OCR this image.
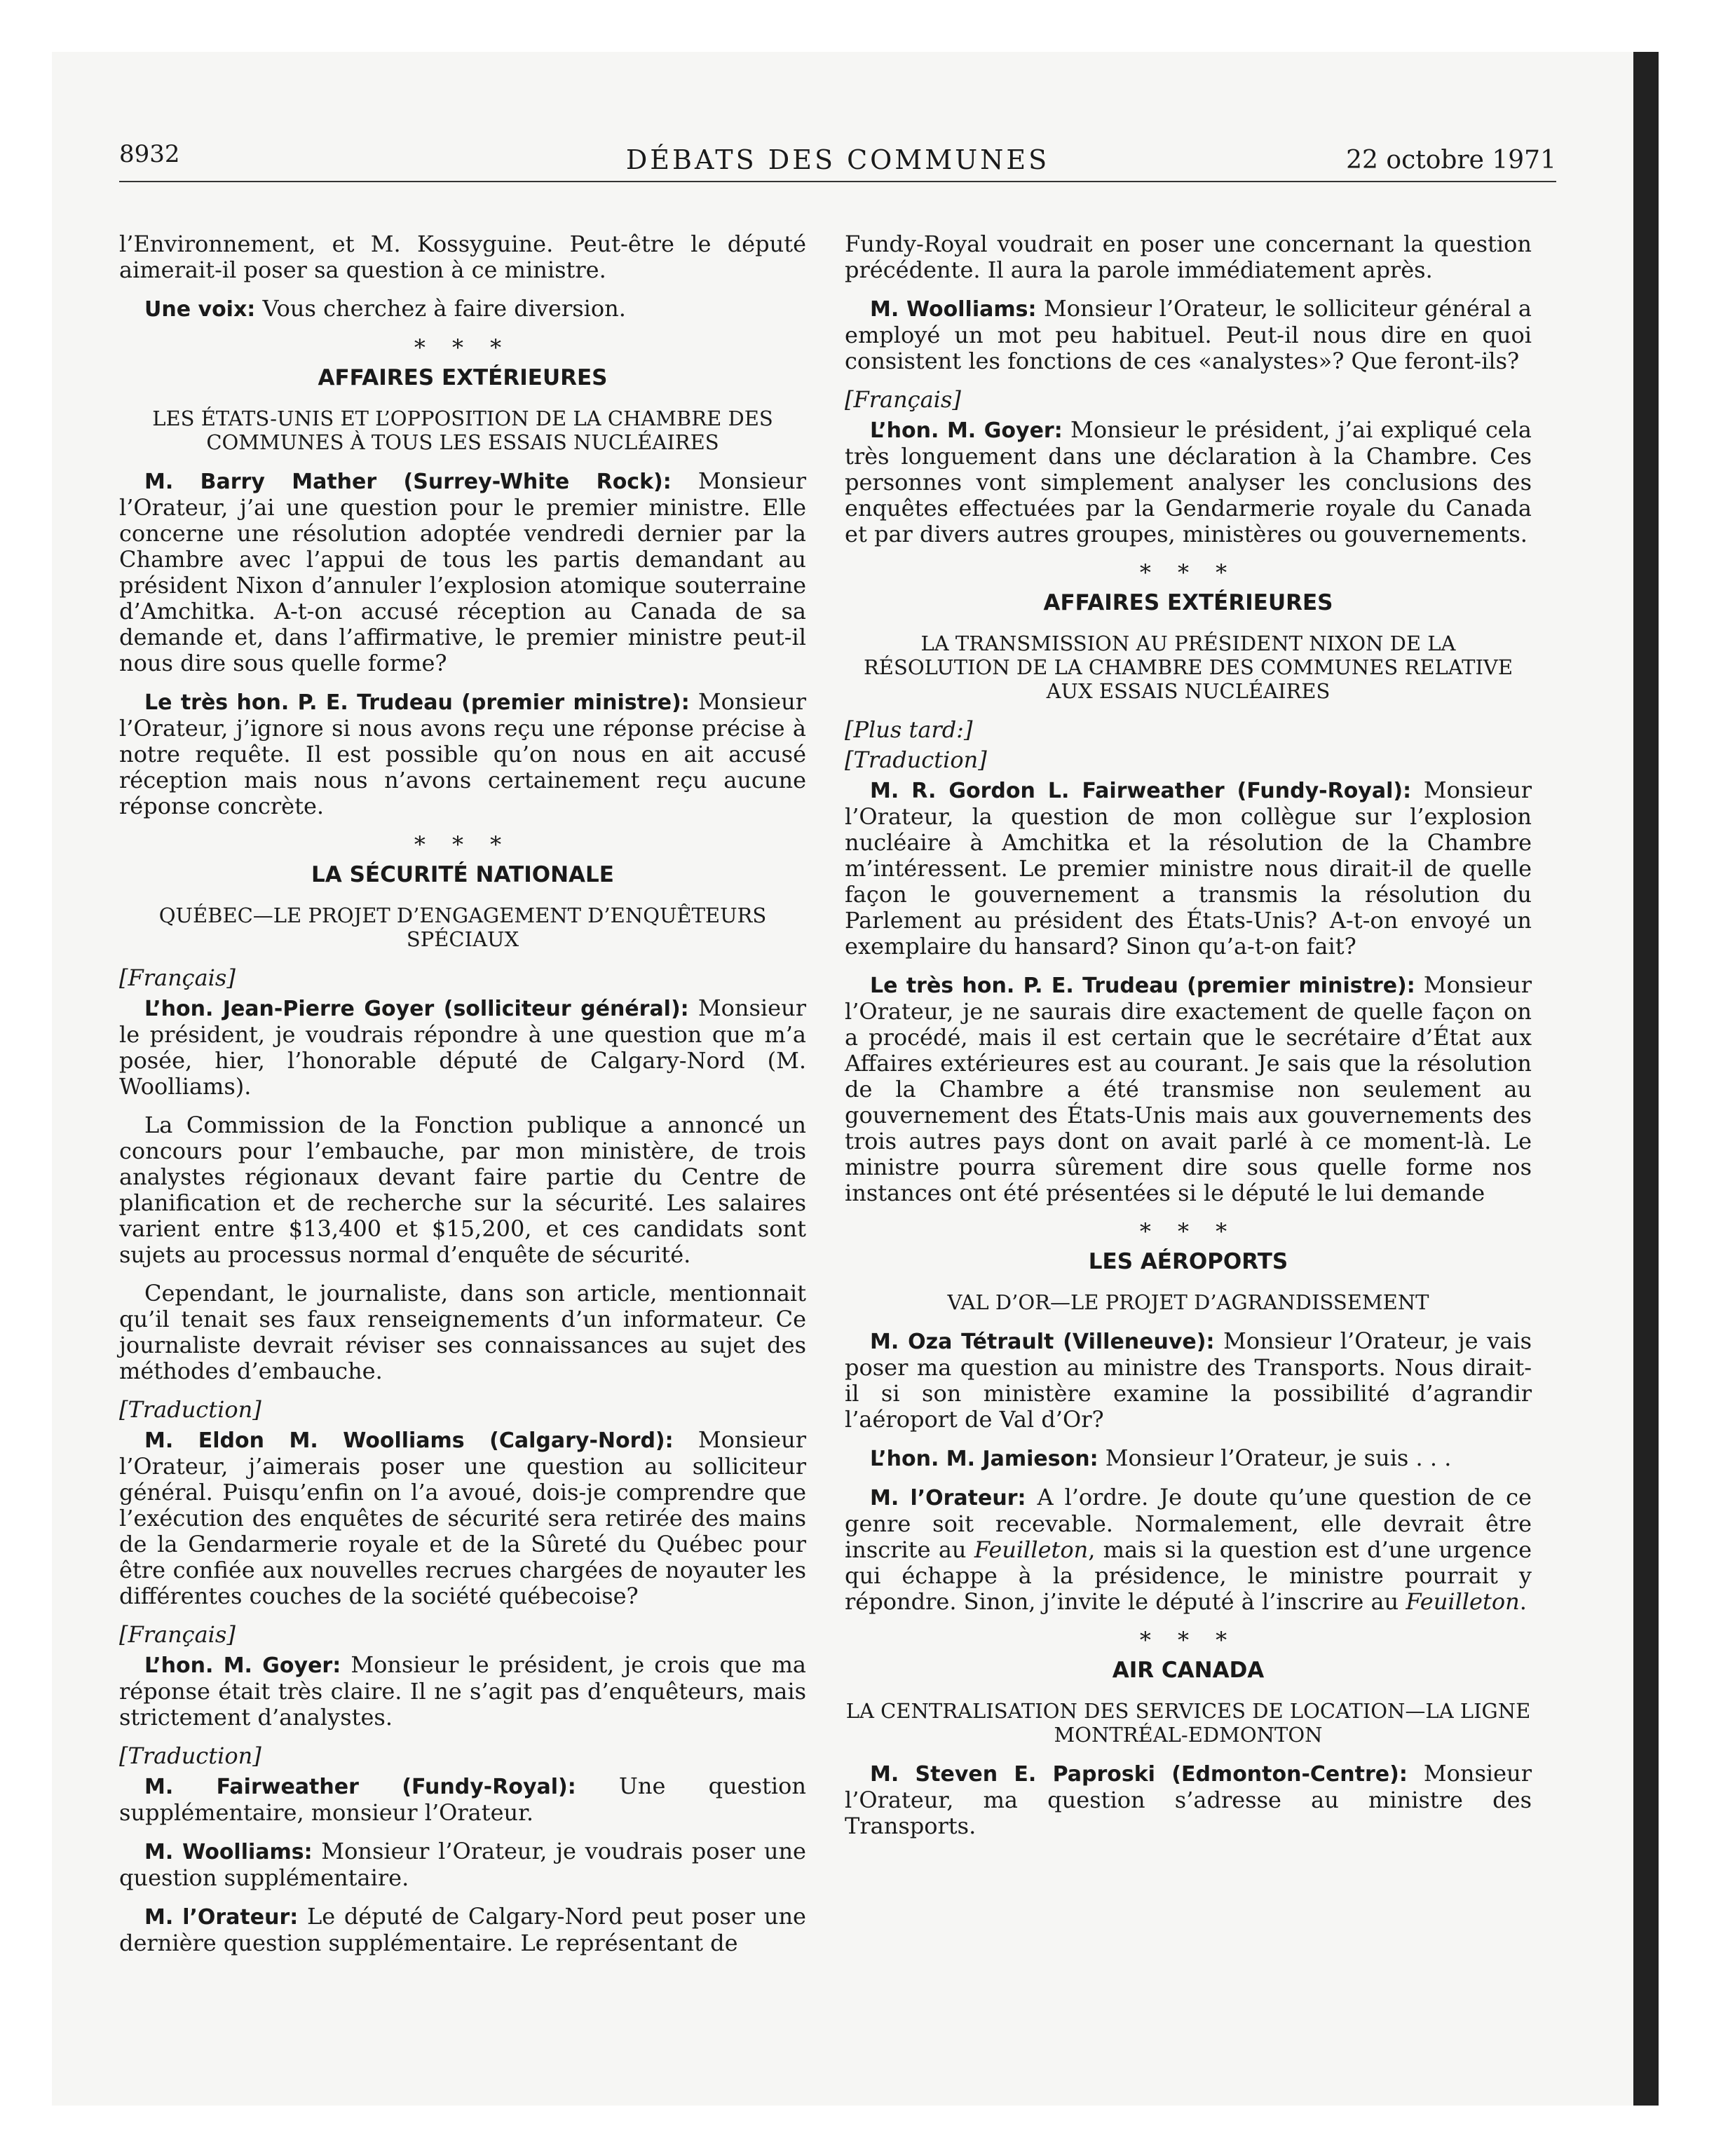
8932	DÉBATS DES COMMUNES	22 octobre 1971

l’Environnement, et M. Kossyguine. Peut-être le député aimerait-il poser sa question à ce ministre.

Une voix: Vous cherchez à faire diversion.

* * *
AFFAIRES EXTÉRIEURES
LES ÉTATS-UNIS ET L’OPPOSITION DE LA CHAMBRE DES COMMUNES À TOUS LES ESSAIS NUCLÉAIRES

M. Barry Mather (Surrey-White Rock): Monsieur l’Orateur, j’ai une question pour le premier ministre. Elle concerne une résolution adoptée vendredi dernier par la Chambre avec l’appui de tous les partis demandant au président Nixon d’annuler l’explosion atomique souterraine d’Amchitka. A-t-on accusé réception au Canada de sa demande et, dans l’affirmative, le premier ministre peut-il nous dire sous quelle forme?

Le très hon. P. E. Trudeau (premier ministre): Monsieur l’Orateur, j’ignore si nous avons reçu une réponse précise à notre requête. Il est possible qu’on nous en ait accusé réception mais nous n’avons certainement reçu aucune réponse concrète.

* * *
LA SÉCURITÉ NATIONALE
QUÉBEC—LE PROJET D’ENGAGEMENT D’ENQUÊTEURS SPÉCIAUX
[Français]

L’hon. Jean-Pierre Goyer (solliciteur général): Monsieur le président, je voudrais répondre à une question que m’a posée, hier, l’honorable député de Calgary-Nord (M. Woolliams).

La Commission de la Fonction publique a annoncé un concours pour l’embauche, par mon ministère, de trois analystes régionaux devant faire partie du Centre de planification et de recherche sur la sécurité. Les salaires varient entre $13,400 et $15,200, et ces candidats sont sujets au processus normal d’enquête de sécurité.

Cependant, le journaliste, dans son article, mentionnait qu’il tenait ses faux renseignements d’un informateur. Ce journaliste devrait réviser ses connaissances au sujet des méthodes d’embauche.

[Traduction]

M. Eldon M. Woolliams (Calgary-Nord): Monsieur l’Orateur, j’aimerais poser une question au solliciteur général. Puisqu’enfin on l’a avoué, dois-je comprendre que l’exécution des enquêtes de sécurité sera retirée des mains de la Gendarmerie royale et de la Sûreté du Québec pour être confiée aux nouvelles recrues chargées de noyauter les différentes couches de la société québecoise?

[Français]

L’hon. M. Goyer: Monsieur le président, je crois que ma réponse était très claire. Il ne s’agit pas d’enquêteurs, mais strictement d’analystes.

[Traduction]

M. Fairweather (Fundy-Royal): Une question supplémentaire, monsieur l’Orateur.

M. Woolliams: Monsieur l’Orateur, je voudrais poser une question supplémentaire.

M. l’Orateur: Le député de Calgary-Nord peut poser une dernière question supplémentaire. Le représentant de

Fundy-Royal voudrait en poser une concernant la question précédente. Il aura la parole immédiatement après.

M. Woolliams: Monsieur l’Orateur, le solliciteur général a employé un mot peu habituel. Peut-il nous dire en quoi consistent les fonctions de ces «analystes»? Que feront-ils?

[Français]

L’hon. M. Goyer: Monsieur le président, j’ai expliqué cela très longuement dans une déclaration à la Chambre. Ces personnes vont simplement analyser les conclusions des enquêtes effectuées par la Gendarmerie royale du Canada et par divers autres groupes, ministères ou gouvernements.

* * *
AFFAIRES EXTÉRIEURES
LA TRANSMISSION AU PRÉSIDENT NIXON DE LA RÉSOLUTION DE LA CHAMBRE DES COMMUNES RELATIVE AUX ESSAIS NUCLÉAIRES
[Plus tard:]
[Traduction]

M. R. Gordon L. Fairweather (Fundy-Royal): Monsieur l’Orateur, la question de mon collègue sur l’explosion nucléaire à Amchitka et la résolution de la Chambre m’intéressent. Le premier ministre nous dirait-il de quelle façon le gouvernement a transmis la résolution du Parlement au président des États-Unis? A-t-on envoyé un exemplaire du hansard? Sinon qu’a-t-on fait?

Le très hon. P. E. Trudeau (premier ministre): Monsieur l’Orateur, je ne saurais dire exactement de quelle façon on a procédé, mais il est certain que le secrétaire d’État aux Affaires extérieures est au courant. Je sais que la résolution de la Chambre a été transmise non seulement au gouvernement des États-Unis mais aux gouvernements des trois autres pays dont on avait parlé à ce moment-là. Le ministre pourra sûrement dire sous quelle forme nos instances ont été présentées si le député le lui demande

* * *
LES AÉROPORTS
VAL D’OR—LE PROJET D’AGRANDISSEMENT

M. Oza Tétrault (Villeneuve): Monsieur l’Orateur, je vais poser ma question au ministre des Transports. Nous dirait-il si son ministère examine la possibilité d’agrandir l’aéroport de Val d’Or?

L’hon. M. Jamieson: Monsieur l’Orateur, je suis . . .

M. l’Orateur: A l’ordre. Je doute qu’une question de ce genre soit recevable. Normalement, elle devrait être inscrite au Feuilleton, mais si la question est d’une urgence qui échappe à la présidence, le ministre pourrait y répondre. Sinon, j’invite le député à l’inscrire au Feuilleton.

* * *
AIR CANADA
LA CENTRALISATION DES SERVICES DE LOCATION—LA LIGNE MONTRÉAL-EDMONTON

M. Steven E. Paproski (Edmonton-Centre): Monsieur l’Orateur, ma question s’adresse au ministre des Transports.
